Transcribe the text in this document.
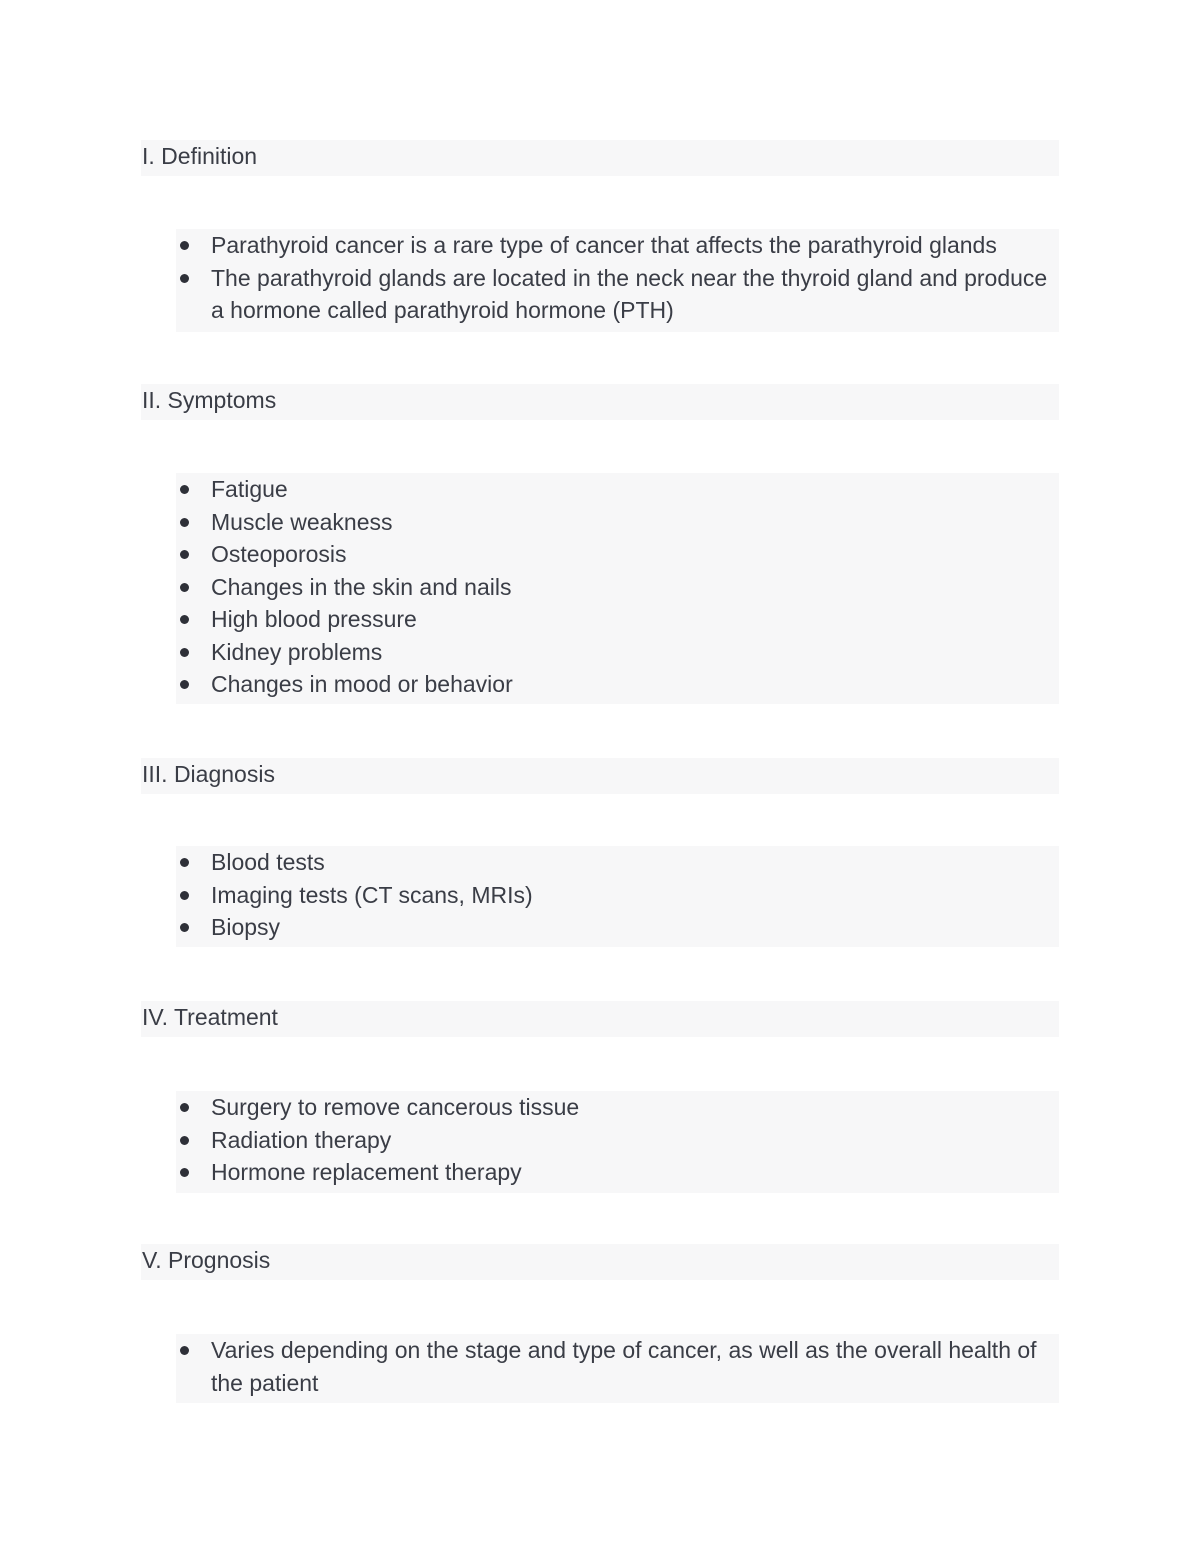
I. Definition
Parathyroid cancer is a rare type of cancer that affects the parathyroid glands
The parathyroid glands are located in the neck near the thyroid gland and produce a hormone called parathyroid hormone (PTH)
II. Symptoms
Fatigue
Muscle weakness
Osteoporosis
Changes in the skin and nails
High blood pressure
Kidney problems
Changes in mood or behavior
III. Diagnosis
Blood tests
Imaging tests (CT scans, MRIs)
Biopsy
IV. Treatment
Surgery to remove cancerous tissue
Radiation therapy
Hormone replacement therapy
V. Prognosis
Varies depending on the stage and type of cancer, as well as the overall health of the patient
